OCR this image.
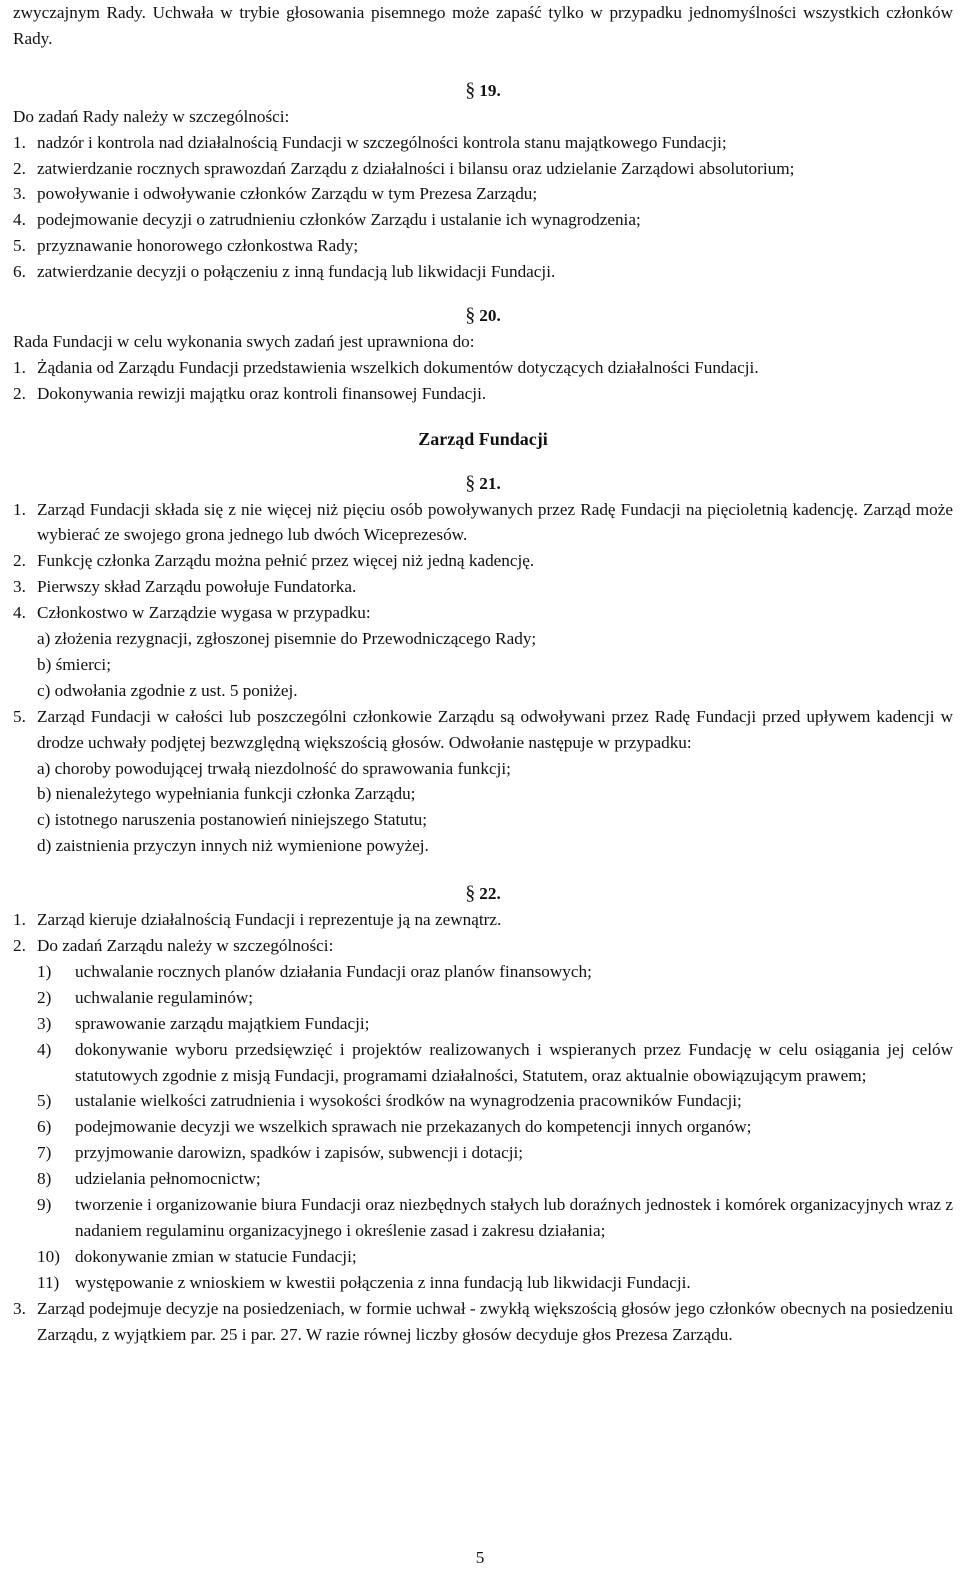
zwyczajnym Rady. Uchwała w trybie głosowania pisemnego może zapaść tylko w przypadku jednomyślności wszystkich członków Rady.

§ 19.

Do zadań Rady należy w szczególności:

1. nadzór i kontrola nad działalnością Fundacji w szczególności kontrola stanu majątkowego Fundacji;
2. zatwierdzanie rocznych sprawozdań Zarządu z działalności i bilansu oraz udzielanie Zarządowi absolutorium;
3. powoływanie i odwoływanie członków Zarządu w tym Prezesa Zarządu;
4. podejmowanie decyzji o zatrudnieniu członków Zarządu i ustalanie ich wynagrodzenia;
5. przyznawanie honorowego członkostwa Rady;
6. zatwierdzanie decyzji o połączeniu z inną fundacją lub likwidacji Fundacji.
§ 20.

Rada Fundacji w celu wykonania swych zadań jest uprawniona do:

1. Żądania od Zarządu Fundacji przedstawienia wszelkich dokumentów dotyczących działalności Fundacji.
2. Dokonywania rewizji majątku oraz kontroli finansowej Fundacji.
Zarząd Fundacji
§ 21.
1. Zarząd Fundacji składa się z nie więcej niż pięciu osób powoływanych przez Radę Fundacji na pięcioletnią kadencję. Zarząd może wybierać ze swojego grona jednego lub dwóch Wiceprezesów.
2. Funkcję członka Zarządu można pełnić przez więcej niż jedną kadencję.
3. Pierwszy skład Zarządu powołuje Fundatorka.
4. Członkostwo w Zarządzie wygasa w przypadku:
a) złożenia rezygnacji, zgłoszonej pisemnie do Przewodniczącego Rady;
b) śmierci;
c) odwołania zgodnie z ust. 5 poniżej.
5. Zarząd Fundacji w całości lub poszczególni członkowie Zarządu są odwoływani przez Radę Fundacji przed upływem kadencji w drodze uchwały podjętej bezwzględną większością głosów. Odwołanie następuje w przypadku:
a) choroby powodującej trwałą niezdolność do sprawowania funkcji;
b) nienależytego wypełniania funkcji członka Zarządu;
c) istotnego naruszenia postanowień niniejszego Statutu;
d) zaistnienia przyczyn innych niż wymienione powyżej.
§ 22.
1. Zarząd kieruje działalnością Fundacji i reprezentuje ją na zewnątrz.
2. Do zadań Zarządu należy w szczególności:
1)	uchwalanie rocznych planów działania Fundacji oraz planów finansowych;
2)	uchwalanie regulaminów;
3)	sprawowanie zarządu majątkiem Fundacji;
4)	dokonywanie wyboru przedsięwzięć i projektów realizowanych i wspieranych przez Fundację w celu osiągania jej celów statutowych zgodnie z misją Fundacji, programami działalności, Statutem, oraz aktualnie obowiązującym prawem;
5)	ustalanie wielkości zatrudnienia i wysokości środków na wynagrodzenia pracowników Fundacji;
6)	podejmowanie decyzji we wszelkich sprawach nie przekazanych do kompetencji innych organów;
7)	przyjmowanie darowizn, spadków i zapisów, subwencji i dotacji;
8)	udzielania pełnomocnictw;
9)	tworzenie i organizowanie biura Fundacji oraz niezbędnych stałych lub doraźnych jednostek i komórek organizacyjnych wraz z nadaniem regulaminu organizacyjnego i określenie zasad i zakresu działania;
10) dokonywanie zmian w statucie Fundacji;
11) występowanie z wnioskiem w kwestii połączenia z inna fundacją lub likwidacji Fundacji.
3. Zarząd podejmuje decyzje na posiedzeniach, w formie uchwał - zwykłą większością głosów jego członków obecnych na posiedzeniu Zarządu, z wyjątkiem par. 25 i par. 27. W razie równej liczby głosów decyduje głos Prezesa Zarządu.
5
